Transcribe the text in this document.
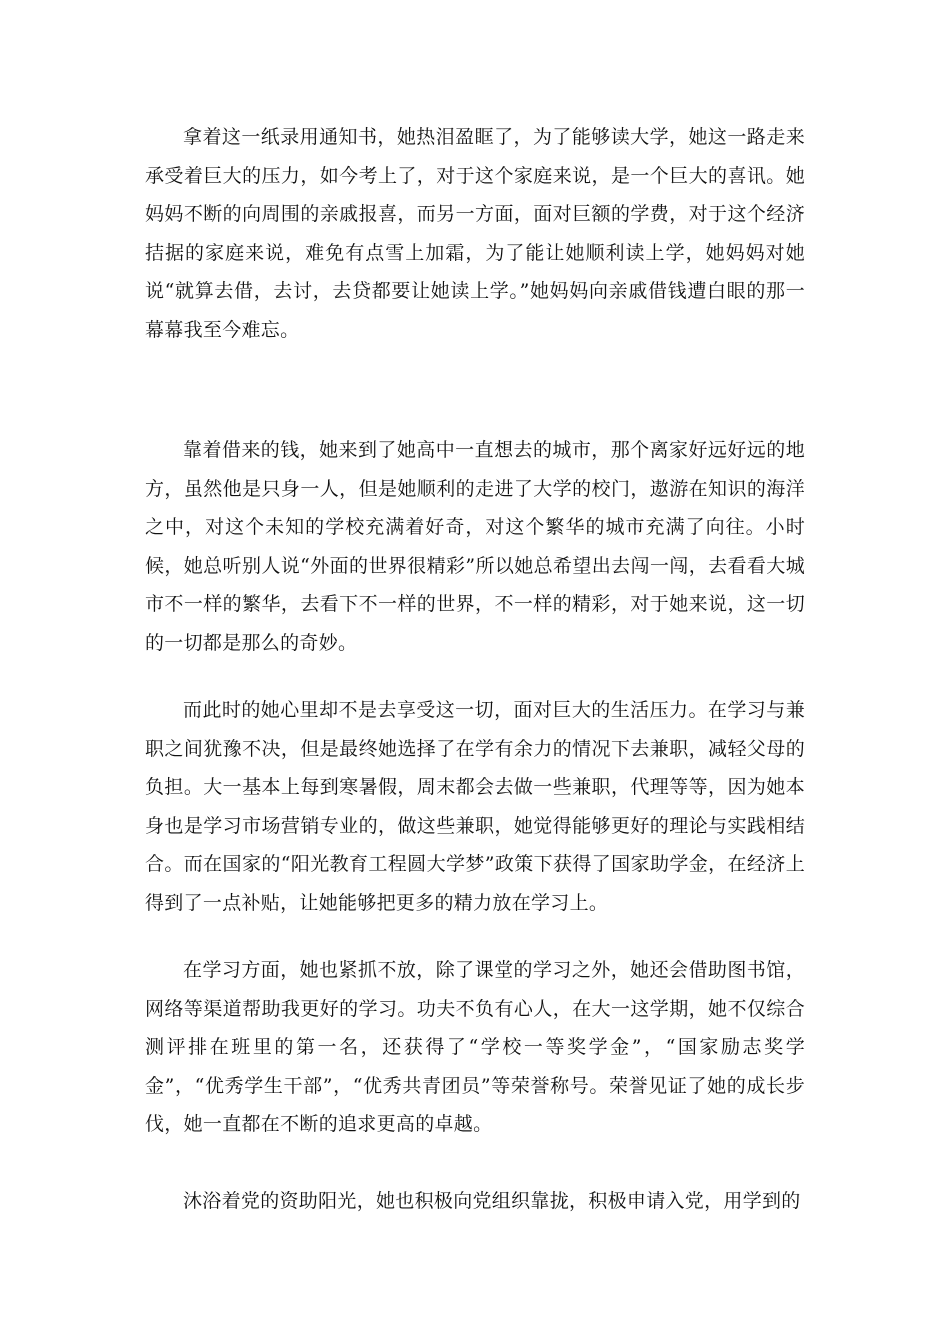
拿着这一纸录用通知书，她热泪盈眶了，为了能够读大学，她这一路走来承受着巨大的压力，如今考上了，对于这个家庭来说，是一个巨大的喜讯。她妈妈不断的向周围的亲戚报喜，而另一方面，面对巨额的学费，对于这个经济拮据的家庭来说，难免有点雪上加霜，为了能让她顺利读上学，她妈妈对她说“就算去借，去讨，去贷都要让她读上学。”她妈妈向亲戚借钱遭白眼的那一幕幕我至今难忘。

靠着借来的钱，她来到了她高中一直想去的城市，那个离家好远好远的地方，虽然他是只身一人，但是她顺利的走进了大学的校门，遨游在知识的海洋之中，对这个未知的学校充满着好奇，对这个繁华的城市充满了向往。小时候，她总听别人说“外面的世界很精彩”所以她总希望出去闯一闯，去看看大城市不一样的繁华，去看下不一样的世界，不一样的精彩，对于她来说，这一切的一切都是那么的奇妙。

而此时的她心里却不是去享受这一切，面对巨大的生活压力。在学习与兼职之间犹豫不决，但是最终她选择了在学有余力的情况下去兼职，减轻父母的负担。大一基本上每到寒暑假，周末都会去做一些兼职，代理等等，因为她本身也是学习市场营销专业的，做这些兼职，她觉得能够更好的理论与实践相结合。而在国家的“阳光教育工程圆大学梦”政策下获得了国家助学金，在经济上得到了一点补贴，让她能够把更多的精力放在学习上。

在学习方面，她也紧抓不放，除了课堂的学习之外，她还会借助图书馆，网络等渠道帮助我更好的学习。功夫不负有心人，在大一这学期，她不仅综合测评排在班里的第一名，还获得了“学校一等奖学金”，“国家励志奖学金”，“优秀学生干部”，“优秀共青团员”等荣誉称号。荣誉见证了她的成长步伐，她一直都在不断的追求更高的卓越。

沐浴着党的资助阳光，她也积极向党组织靠拢，积极申请入党，用学到的
